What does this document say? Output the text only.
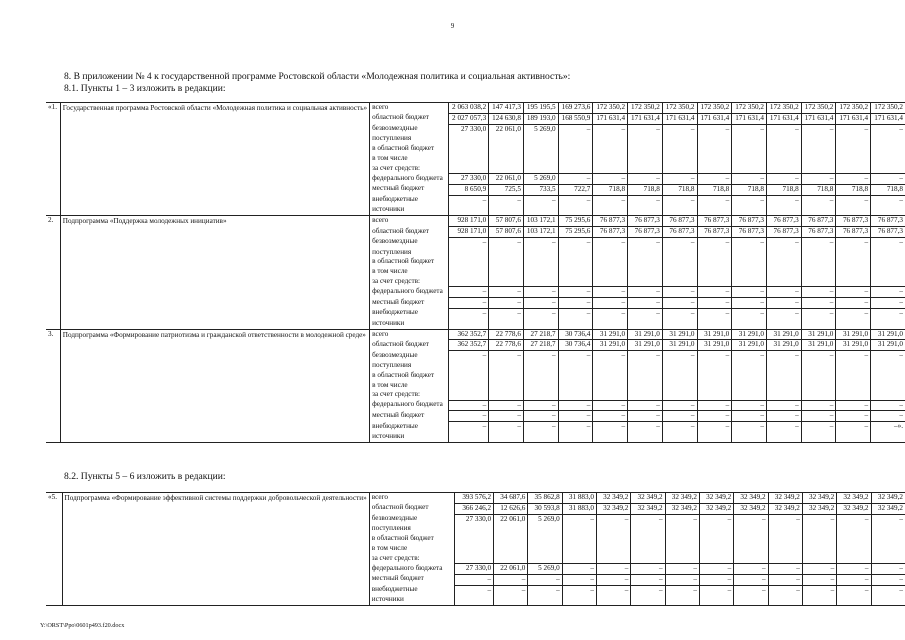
9
8. В приложении № 4 к государственной программе Ростовской области «Молодежная политика и социальная активность»:
8.1. Пункты 1 – 3 изложить в редакции:
«1.	Государственная программа Ростовской области «Молодежная политика и социальная активность»	всего	2 063 038,2	147 417,3	195 195,5	169 273,6	172 350,2	172 350,2	172 350,2	172 350,2	172 350,2	172 350,2	172 350,2	172 350,2	172 350,2
		областной бюджет	2 027 057,3	124 630,8	189 193,0	168 550,9	171 631,4	171 631,4	171 631,4	171 631,4	171 631,4	171 631,4	171 631,4	171 631,4	171 631,4
		безвозмездные	27 330,0	22 061,0	5 269,0	–	–	–	–	–	–	–	–	–	–
		поступления													
		в областной бюджет													
		в том числе													
		за счет средств:													
		федерального бюджета	27 330,0	22 061,0	5 269,0	–	–	–	–	–	–	–	–	–	–
		местный бюджет	8 650,9	725,5	733,5	722,7	718,8	718,8	718,8	718,8	718,8	718,8	718,8	718,8	718,8
		внебюджетные	–	–	–	–	–	–	–	–	–	–	–	–	–
		источники													
2.	Подпрограмма «Поддержка молодежных инициатив»	всего	928 171,0	57 807,6	103 172,1	75 295,6	76 877,3	76 877,3	76 877,3	76 877,3	76 877,3	76 877,3	76 877,3	76 877,3	76 877,3
		областной бюджет	928 171,0	57 807,6	103 172,1	75 295,6	76 877,3	76 877,3	76 877,3	76 877,3	76 877,3	76 877,3	76 877,3	76 877,3	76 877,3
		безвозмездные	–	–	–	–	–	–	–	–	–	–	–	–	–
		поступления													
		в областной бюджет													
		в том числе													
		за счет средств:													
		федерального бюджета	–	–	–	–	–	–	–	–	–	–	–	–	–
		местный бюджет	–	–	–	–	–	–	–	–	–	–	–	–	–
		внебюджетные	–	–	–	–	–	–	–	–	–	–	–	–	–
		источники													
3.	Подпрограмма «Формирование патриотизма и гражданской ответственности в молодежной среде»	всего	362 352,7	22 778,6	27 218,7	30 736,4	31 291,0	31 291,0	31 291,0	31 291,0	31 291,0	31 291,0	31 291,0	31 291,0	31 291,0
		областной бюджет	362 352,7	22 778,6	27 218,7	30 736,4	31 291,0	31 291,0	31 291,0	31 291,0	31 291,0	31 291,0	31 291,0	31 291,0	31 291,0
		безвозмездные	–	–	–	–	–	–	–	–	–	–	–	–	–
		поступления													
		в областной бюджет													
		в том числе													
		за счет средств:													
		федерального бюджета	–	–	–	–	–	–	–	–	–	–	–	–	–
		местный бюджет	–	–	–	–	–	–	–	–	–	–	–	–	–
		внебюджетные	–	–	–	–	–	–	–	–	–	–	–	–	–».
		источники													
8.2. Пункты 5 – 6 изложить в редакции:
«5.	Подпрограмма «Формирование эффективной системы поддержки добровольческой деятельности»	всего	393 576,2	34 687,6	35 862,8	31 883,0	32 349,2	32 349,2	32 349,2	32 349,2	32 349,2	32 349,2	32 349,2	32 349,2	32 349,2
		областной бюджет	366 246,2	12 626,6	30 593,8	31 883,0	32 349,2	32 349,2	32 349,2	32 349,2	32 349,2	32 349,2	32 349,2	32 349,2	32 349,2
		безвозмездные	27 330,0	22 061,0	5 269,0	–	–	–	–	–	–	–	–	–	–
		поступления													
		в областной бюджет													
		в том числе													
		за счет средств:													
		федерального бюджета	27 330,0	22 061,0	5 269,0	–	–	–	–	–	–	–	–	–	–
		местный бюджет	–	–	–	–	–	–	–	–	–	–	–	–	–
		внебюджетные	–	–	–	–	–	–	–	–	–	–	–	–	–
		источники													
Y:\ORST\Ppo\0601p493.f20.docx
